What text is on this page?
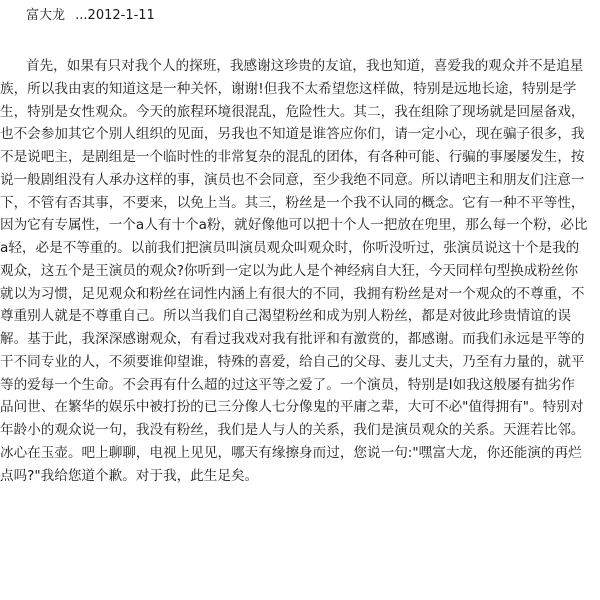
富大龙 ...2012-1-11
首先，如果有只对我个人的探班，我感谢这珍贵的友谊，我也知道，喜爱我的观众并不是追星
族，所以我由衷的知道这是一种关怀，谢谢!但我不太希望您这样做，特别是远地长途，特别是学
生，特别是女性观众。今天的旅程环境很混乱，危险性大。其二，我在组除了现场就是回屋备戏，
也不会参加其它个别人组织的见面，另我也不知道是谁答应你们，请一定小心，现在骗子很多，我
不是说吧主，是剧组是一个临时性的非常复杂的混乱的团体，有各种可能、行骗的事屡屡发生，按
说一般剧组没有人承办这样的事，演员也不会同意，至少我绝不同意。所以请吧主和朋友们注意一
下，不管有否其事，不要来，以免上当。其三，粉丝是一个我不认同的概念。它有一种不平等性，
因为它有专属性，一个a人有十个a粉，就好像他可以把十个人一把放在兜里，那么每一个粉，必比
a轻，必是不等重的。以前我们把演员叫演员观众叫观众时，你听没听过，张演员说这十个是我的
观众，这五个是王演员的观众?你听到一定以为此人是个神经病自大狂，今天同样句型换成粉丝你
就以为习惯，足见观众和粉丝在词性内涵上有很大的不同，我拥有粉丝是对一个观众的不尊重，不
尊重别人就是不尊重自己。所以当我们自己渴望粉丝和成为别人粉丝，都是对彼此珍贵情谊的误
解。基于此，我深深感谢观众，有看过我戏对我有批评和有激赏的，都感谢。而我们永远是平等的
干不同专业的人，不须要谁仰望谁，特殊的喜爱，给自己的父母、妻儿丈夫，乃至有力量的，就平
等的爱每一个生命。不会再有什么超的过这平等之爱了。一个演员，特别是I如我这般屡有拙劣作
品问世、在繁华的娱乐中被打扮的已三分像人七分像鬼的平庸之辈，大可不必"值得拥有"。特别对
年龄小的观众说一句，我没有粉丝，我们是人与人的关系，我们是演员观众的关系。天涯若比邻。
冰心在玉壶。吧上聊聊，电视上见见，哪天有缘擦身而过，您说一句:"嘿富大龙，你还能演的再烂
点吗?"我给您道个歉。对于我，此生足矣。
